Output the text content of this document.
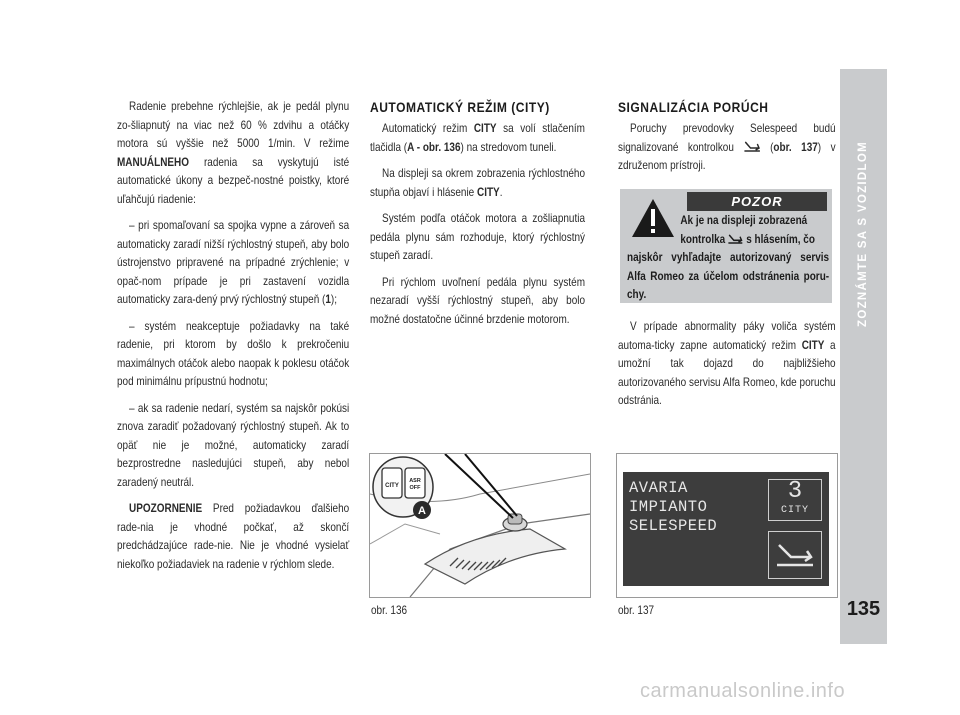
Radenie prebehne rýchlejšie, ak je pedál plynu zo-šliapnutý na viac než 60 % zdvihu a otáčky motora sú vyššie než 5000 1/min. V režime MANUÁLNEHO radenia sa vyskytujú isté automatické úkony a bezpeč-nostné poistky, ktoré uľahčujú riadenie:

– pri spomaľovaní sa spojka vypne a zároveň sa automaticky zaradí nižší rýchlostný stupeň, aby bolo ústrojenstvo pripravené na prípadné zrýchlenie; v opač-nom prípade je pri zastavení vozidla automaticky zara-dený prvý rýchlostný stupeň (1);

– systém neakceptuje požiadavky na také radenie, pri ktorom by došlo k prekročeniu maximálnych otáčok alebo naopak k poklesu otáčok pod minimálnu prípustnú hodnotu;

– ak sa radenie nedarí, systém sa najskôr pokúsi znova zaradiť požadovaný rýchlostný stupeň. Ak to opäť nie je možné, automaticky zaradí bezprostredne nasledujúci stupeň, aby nebol zaradený neutrál.

UPOZORNENIE Pred požiadavkou ďalšieho rade-nia je vhodné počkať, až skončí predchádzajúce rade-nie. Nie je vhodné vysielať niekoľko požiadaviek na radenie v rýchlom slede.

AUTOMATICKÝ REŽIM (CITY)

Automatický režim CITY sa volí stlačením tlačidla (A - obr. 136) na stredovom tuneli.

Na displeji sa okrem zobrazenia rýchlostného stupňa objaví i hlásenie CITY.

Systém podľa otáčok motora a zošliapnutia pedála plynu sám rozhoduje, ktorý rýchlostný stupeň zaradí.

Pri rýchlom uvoľnení pedála plynu systém nezaradí vyšší rýchlostný stupeň, aby bolo možné dostatočne účinné brzdenie motorom.

SIGNALIZÁCIA PORÚCH

Poruchy prevodovky Selespeed budú signalizované kontrolkou  (obr. 137) v združenom prístroji.

POZOR
Ak je na displeji zobrazená
kontrolka  s hlásením, čo
najskôr vyhľadajte autorizovaný servis Alfa Romeo za účelom odstránenia poru-chy.

V prípade abnormality páky voliča systém automa-ticky zapne automatický režim CITY a umožní tak dojazd do najbližšieho autorizovaného servisu Alfa Romeo, kde poruchu odstránia.

CITY
ASR
OFF
A
obr. 136
AVARIA
IMPIANTO
SELESPEED
3
CITY
obr. 137
ZOZNÁMTE SA S VOZIDLOM
135
carmanualsonline.info
